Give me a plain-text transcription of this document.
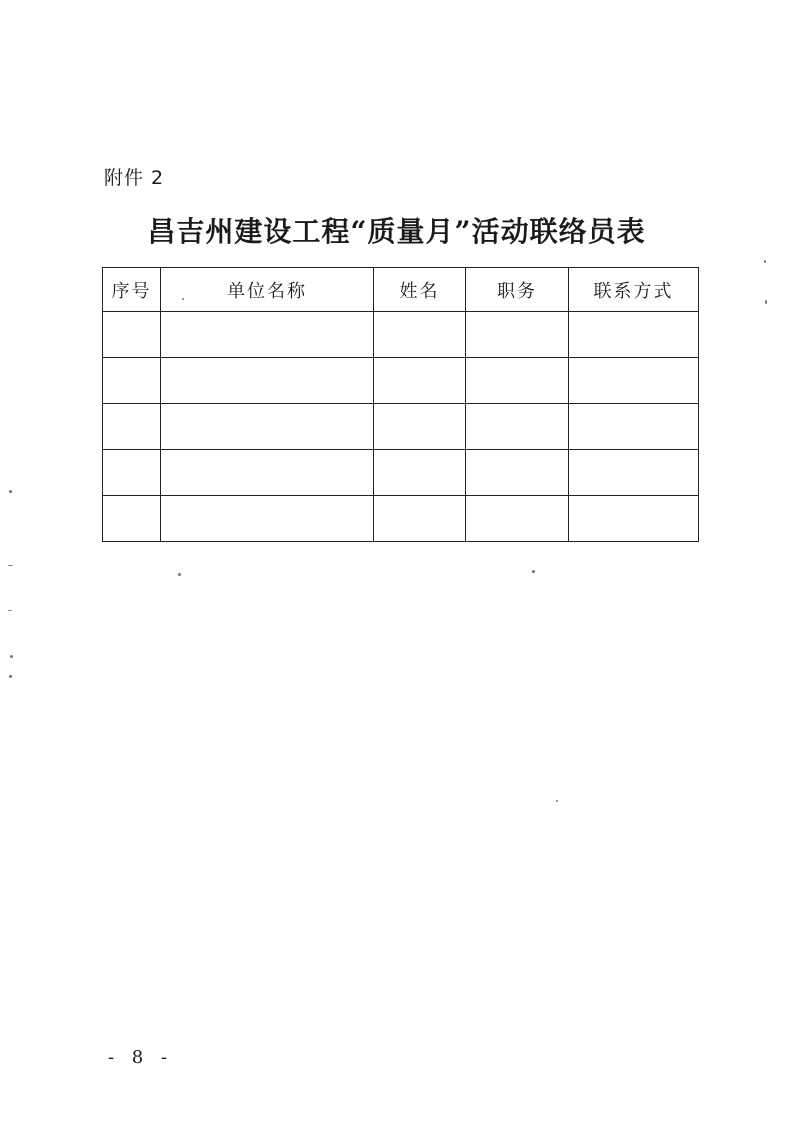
附件 2
昌吉州建设工程“质量月”活动联络员表
序号	单位名称	姓名	职务	联系方式

- 8 -
